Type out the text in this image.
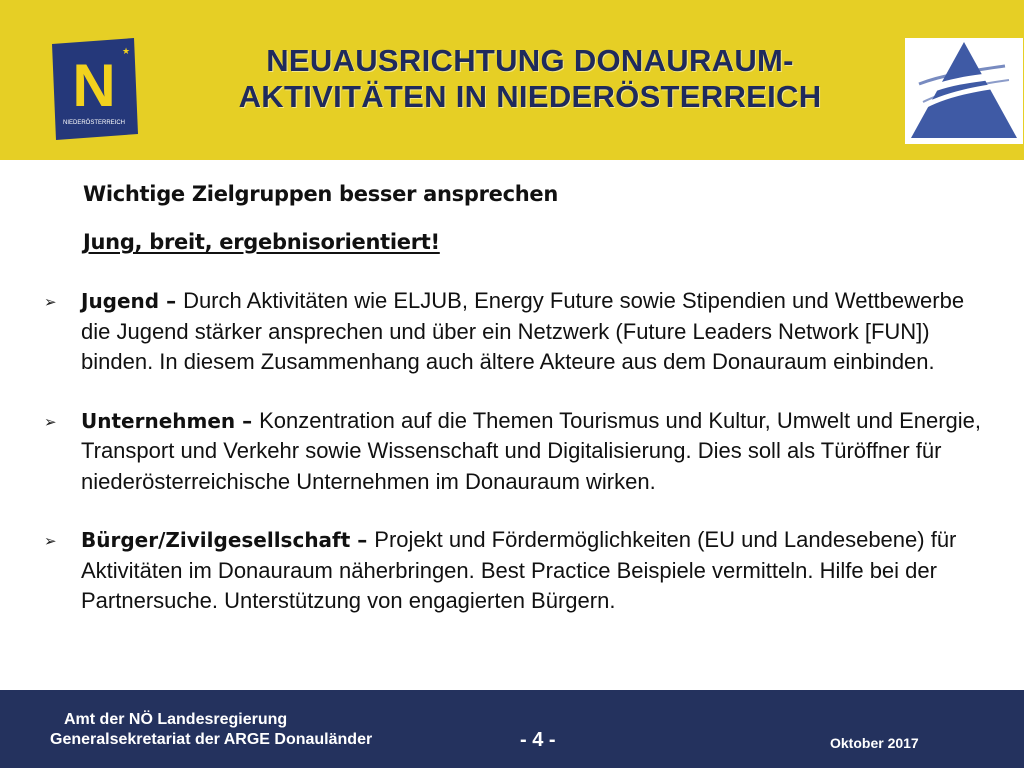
N
NIEDERÖSTERREICH
★	NEUAUSRICHTUNG DONAURAUM-
AKTIVITÄTEN IN NIEDERÖSTERREICH
Wichtige Zielgruppen besser ansprechen
Jung, breit, ergebnisorientiert!
➢ Jugend – Durch Aktivitäten wie ELJUB, Energy Future sowie Stipendien und Wettbewerbe die Jugend stärker ansprechen und über ein Netzwerk (Future Leaders Network [FUN]) binden. In diesem Zusammenhang auch ältere Akteure aus dem Donauraum einbinden.
➢ Unternehmen – Konzentration auf die Themen Tourismus und Kultur, Umwelt und Energie, Transport und Verkehr sowie Wissenschaft und Digitalisierung. Dies soll als Türöffner für niederösterreichische Unternehmen im Donauraum wirken.
➢ Bürger/Zivilgesellschaft – Projekt und Fördermöglichkeiten (EU und Landesebene) für Aktivitäten im Donauraum näherbringen. Best Practice Beispiele vermitteln. Hilfe bei der Partnersuche. Unterstützung von engagierten Bürgern.
Amt der NÖ Landesregierung
Generalsekretariat der ARGE Donauländer	- 4 -	Oktober 2017
